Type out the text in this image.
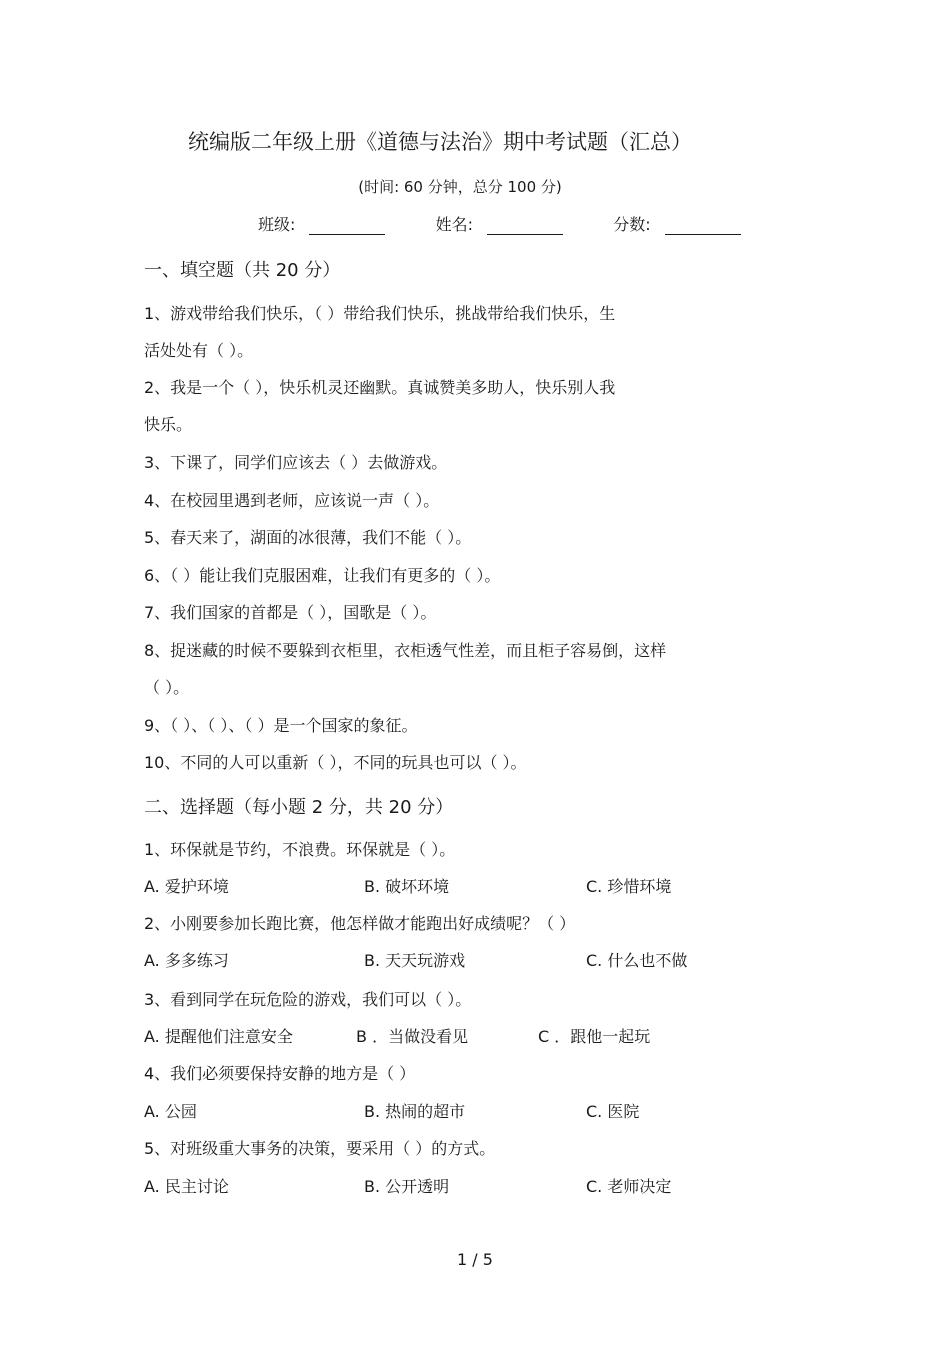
统编版二年级上册《道德与法治》期中考试题（汇总）
(时间: 60 分钟，总分 100 分)
班级:	姓名:	分数:
一、填空题（共 20 分）
1、游戏带给我们快乐，（ ）带给我们快乐，挑战带给我们快乐，生
活处处有（ ）。
2、我是一个（ ），快乐机灵还幽默。真诚赞美多助人，快乐别人我
快乐。
3、下课了，同学们应该去（ ）去做游戏。
4、在校园里遇到老师，应该说一声（ ）。
5、春天来了，湖面的冰很薄，我们不能（ ）。
6、（ ）能让我们克服困难，让我们有更多的（ ）。
7、我们国家的首都是（ ），国歌是（ ）。
8、捉迷藏的时候不要躲到衣柜里，衣柜透气性差，而且柜子容易倒，这样
（ ）。
9、（ ）、（ ）、（ ）是一个国家的象征。
10、不同的人可以重新（ ），不同的玩具也可以（ ）。
二、选择题（每小题 2 分，共 20 分）
1、环保就是节约，不浪费。环保就是（ ）。
A. 爱护环境	B. 破坏环境	C. 珍惜环境
2、小刚要参加长跑比赛，他怎样做才能跑出好成绩呢？（ ）
A. 多多练习	B. 天天玩游戏	C. 什么也不做
3、看到同学在玩危险的游戏，我们可以（ ）。
A. 提醒他们注意安全	B ．当做没看见	C ．跟他一起玩
4、我们必须要保持安静的地方是（ ）
A. 公园	B. 热闹的超市	C. 医院
5、对班级重大事务的决策，要采用（ ）的方式。
A. 民主讨论	B. 公开透明	C. 老师决定
1 / 5
